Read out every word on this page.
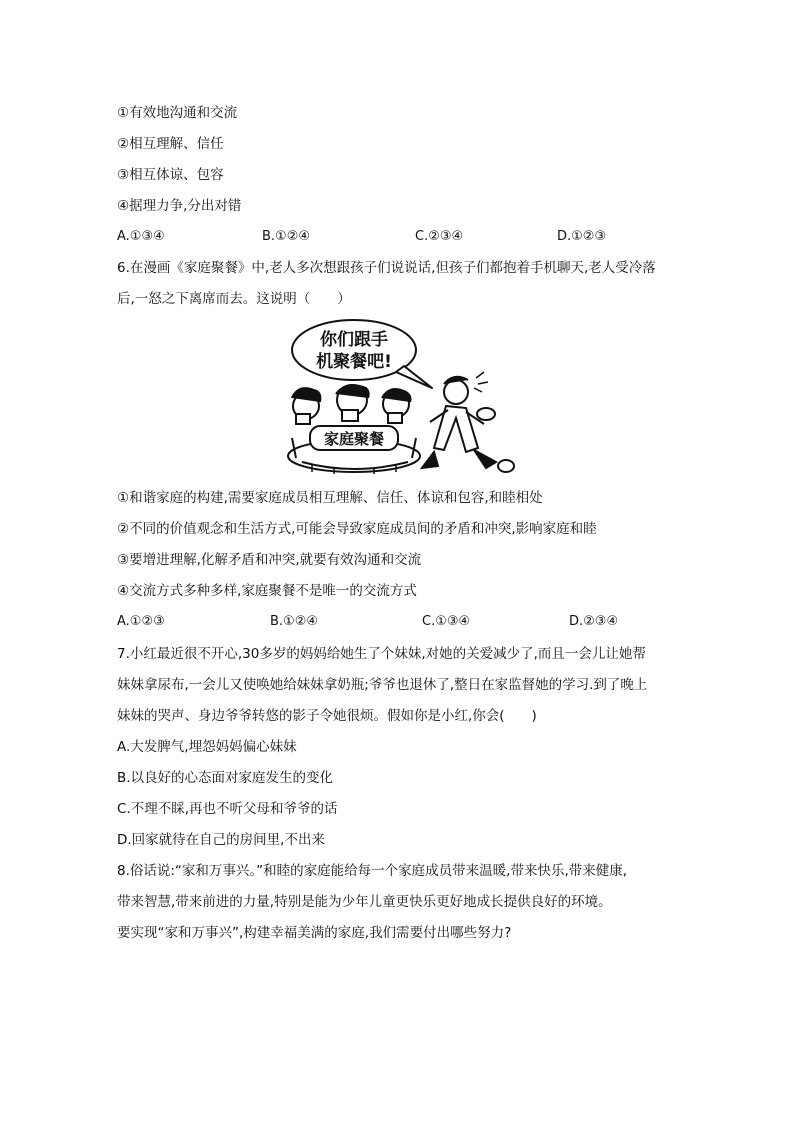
①有效地沟通和交流
②相互理解、信任
③相互体谅、包容
④据理力争,分出对错
A.①③④	B.①②④	C.②③④	D.①②③
6.在漫画《家庭聚餐》中,老人多次想跟孩子们说说话,但孩子们都抱着手机聊天,老人受冷落
后,一怒之下离席而去。这说明（　　）
你们跟手
机聚餐吧!
家庭聚餐
①和谐家庭的构建,需要家庭成员相互理解、信任、体谅和包容,和睦相处
②不同的价值观念和生活方式,可能会导致家庭成员间的矛盾和冲突,影响家庭和睦
③要增进理解,化解矛盾和冲突,就要有效沟通和交流
④交流方式多种多样,家庭聚餐不是唯一的交流方式
A.①②③	B.①②④	C.①③④	D.②③④
7.小红最近很不开心,30多岁的妈妈给她生了个妹妹,对她的关爱减少了,而且一会儿让她帮
妹妹拿尿布,一会儿又使唤她给妹妹拿奶瓶;爷爷也退休了,整日在家监督她的学习.到了晚上
妹妹的哭声、身边爷爷转悠的影子令她很烦。假如你是小红,你会(　　)
A.大发脾气,埋怨妈妈偏心妹妹
B.以良好的心态面对家庭发生的变化
C.不理不睬,再也不听父母和爷爷的话
D.回家就待在自己的房间里,不出来
8.俗话说:“家和万事兴。”和睦的家庭能给每一个家庭成员带来温暖,带来快乐,带来健康,
带来智慧,带来前进的力量,特别是能为少年儿童更快乐更好地成长提供良好的环境。
要实现“家和万事兴”,构建幸福美满的家庭,我们需要付出哪些努力?
